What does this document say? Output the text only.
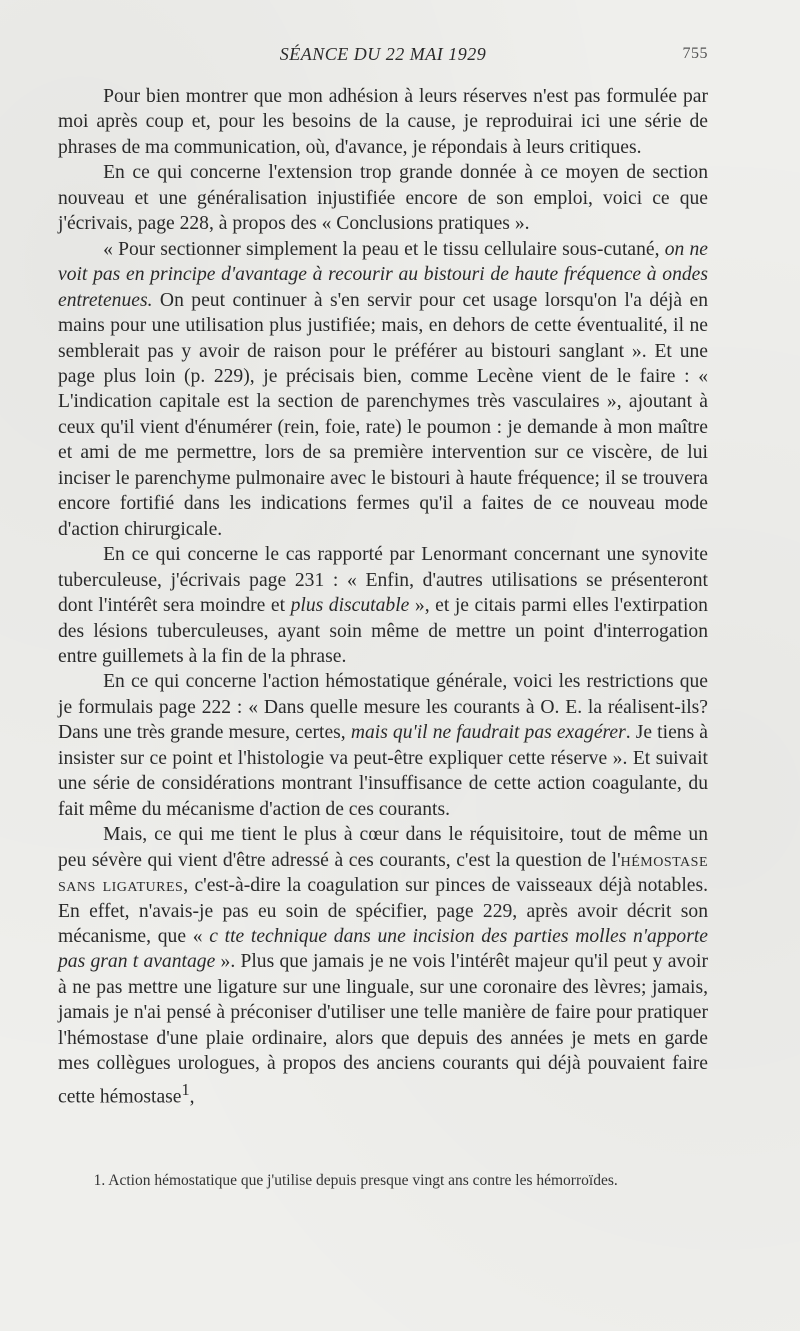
SÉANCE DU 22 MAI 1929	755

Pour bien montrer que mon adhésion à leurs réserves n'est pas formulée par moi après coup et, pour les besoins de la cause, je reproduirai ici une série de phrases de ma communication, où, d'avance, je répondais à leurs critiques.

En ce qui concerne l'extension trop grande donnée à ce moyen de section nouveau et une généralisation injustifiée encore de son emploi, voici ce que j'écrivais, page 228, à propos des « Conclusions pratiques ».

« Pour sectionner simplement la peau et le tissu cellulaire sous-cutané, on ne voit pas en principe d'avantage à recourir au bistouri de haute fréquence à ondes entretenues. On peut continuer à s'en servir pour cet usage lorsqu'on l'a déjà en mains pour une utilisation plus justifiée; mais, en dehors de cette éventualité, il ne semblerait pas y avoir de raison pour le préférer au bistouri sanglant ». Et une page plus loin (p. 229), je précisais bien, comme Lecène vient de le faire : « L'indication capitale est la section de parenchymes très vasculaires », ajoutant à ceux qu'il vient d'énumérer (rein, foie, rate) le poumon : je demande à mon maître et ami de me permettre, lors de sa première intervention sur ce viscère, de lui inciser le parenchyme pulmonaire avec le bistouri à haute fréquence; il se trouvera encore fortifié dans les indications fermes qu'il a faites de ce nouveau mode d'action chirurgicale.

En ce qui concerne le cas rapporté par Lenormant concernant une synovite tuberculeuse, j'écrivais page 231 : « Enfin, d'autres utilisations se présenteront dont l'intérêt sera moindre et plus discutable », et je citais parmi elles l'extirpation des lésions tuberculeuses, ayant soin même de mettre un point d'interrogation entre guillemets à la fin de la phrase.

En ce qui concerne l'action hémostatique générale, voici les restrictions que je formulais page 222 : « Dans quelle mesure les courants à O. E. la réalisent-ils? Dans une très grande mesure, certes, mais qu'il ne faudrait pas exagérer. Je tiens à insister sur ce point et l'histologie va peut-être expliquer cette réserve ». Et suivait une série de considérations montrant l'insuffisance de cette action coagulante, du fait même du mécanisme d'action de ces courants.

Mais, ce qui me tient le plus à cœur dans le réquisitoire, tout de même un peu sévère qui vient d'être adressé à ces courants, c'est la question de l'hémostase sans ligatures, c'est-à-dire la coagulation sur pinces de vaisseaux déjà notables. En effet, n'avais-je pas eu soin de spécifier, page 229, après avoir décrit son mécanisme, que « c tte technique dans une incision des parties molles n'apporte pas gran t avantage ». Plus que jamais je ne vois l'intérêt majeur qu'il peut y avoir à ne pas mettre une ligature sur une linguale, sur une coronaire des lèvres; jamais, jamais je n'ai pensé à préconiser d'utiliser une telle manière de faire pour pratiquer l'hémostase d'une plaie ordinaire, alors que depuis des années je mets en garde mes collègues urologues, à propos des anciens courants qui déjà pouvaient faire cette hémostase$^1$,

1. Action hémostatique que j'utilise depuis presque vingt ans contre les hémorroïdes.
